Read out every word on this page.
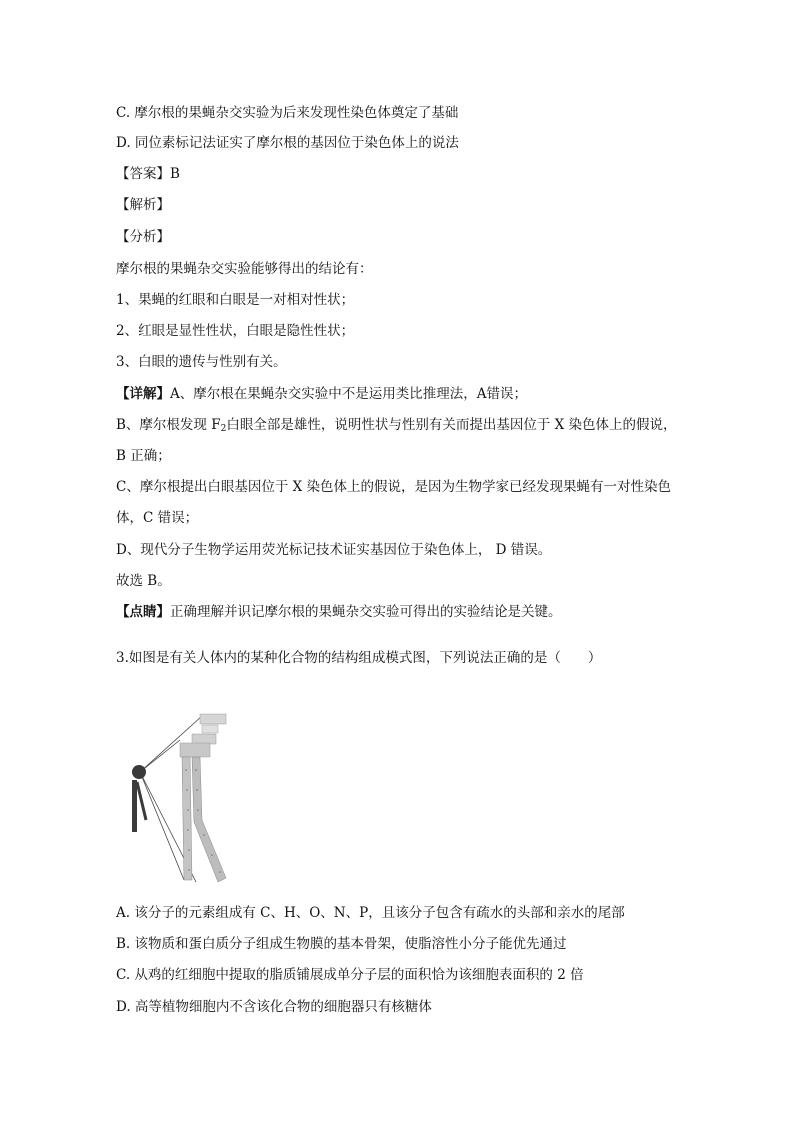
C. 摩尔根的果蝇杂交实验为后来发现性染色体奠定了基础
D. 同位素标记法证实了摩尔根的基因位于染色体上的说法
【答案】B
【解析】
【分析】
摩尔根的果蝇杂交实验能够得出的结论有：
1、果蝇的红眼和白眼是一对相对性状；
2、红眼是显性性状，白眼是隐性性状；
3、白眼的遗传与性别有关。
【详解】A、摩尔根在果蝇杂交实验中不是运用类比推理法，A错误；
B、摩尔根发现 $F_2$白眼全部是雄性，说明性状与性别有关而提出基因位于 X 染色体上的假说，
B 正确；
C、摩尔根提出白眼基因位于 X 染色体上的假说，是因为生物学家已经发现果蝇有一对性染色
体，C 错误；
D、现代分子生物学运用荧光标记技术证实基因位于染色体上， D 错误。
故选 B。
【点睛】正确理解并识记摩尔根的果蝇杂交实验可得出的实验结论是关键。
3.如图是有关人体内的某种化合物的结构组成模式图，下列说法正确的是（　　）
A. 该分子的元素组成有 C、H、O、N、P，且该分子包含有疏水的头部和亲水的尾部
B. 该物质和蛋白质分子组成生物膜的基本骨架，使脂溶性小分子能优先通过
C. 从鸡的红细胞中提取的脂质铺展成单分子层的面积恰为该细胞表面积的 2 倍
D. 高等植物细胞内不含该化合物的细胞器只有核糖体
